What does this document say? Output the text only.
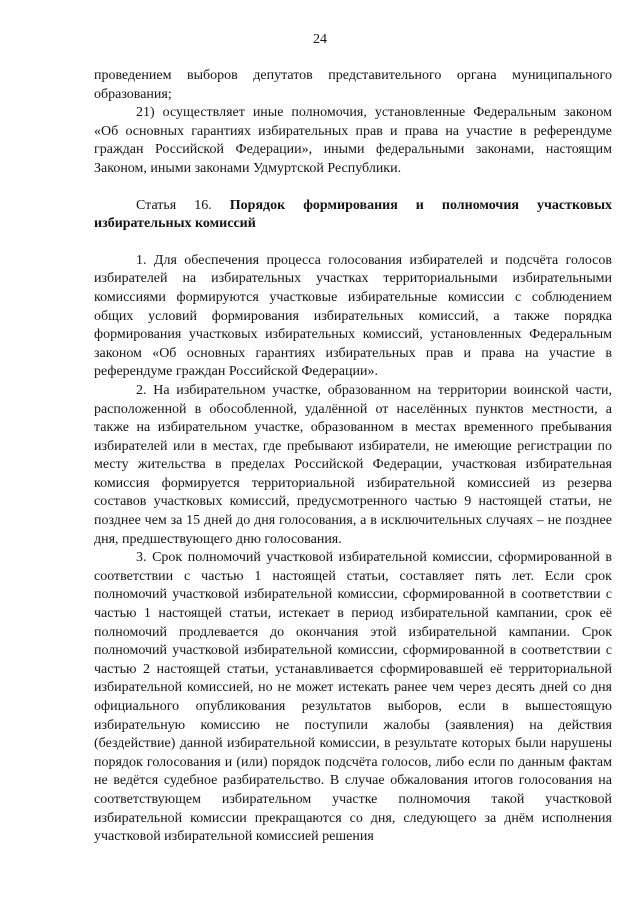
24

проведением выборов депутатов представительного органа муниципального образования;

21) осуществляет иные полномочия, установленные Федеральным законом «Об основных гарантиях избирательных прав и права на участие в референдуме граждан Российской Федерации», иными федеральными законами, настоящим Законом, иными законами Удмуртской Республики.

Статья 16. Порядок формирования и полномочия участковых избирательных комиссий

1. Для обеспечения процесса голосования избирателей и подсчёта голосов избирателей на избирательных участках территориальными избирательными комиссиями формируются участковые избирательные комиссии с соблюдением общих условий формирования избирательных комиссий, а также порядка формирования участковых избирательных комиссий, установленных Федеральным законом «Об основных гарантиях избирательных прав и права на участие в референдуме граждан Российской Федерации».

2. На избирательном участке, образованном на территории воинской части, расположенной в обособленной, удалённой от населённых пунктов местности, а также на избирательном участке, образованном в местах временного пребывания избирателей или в местах, где пребывают избиратели, не имеющие регистрации по месту жительства в пределах Российской Федерации, участковая избирательная комиссия формируется территориальной избирательной комиссией из резерва составов участковых комиссий, предусмотренного частью 9 настоящей статьи, не позднее чем за 15 дней до дня голосования, а в исключительных случаях – не позднее дня, предшествующего дню голосования.

3. Срок полномочий участковой избирательной комиссии, сформированной в соответствии с частью 1 настоящей статьи, составляет пять лет. Если срок полномочий участковой избирательной комиссии, сформированной в соответствии с частью 1 настоящей статьи, истекает в период избирательной кампании, срок её полномочий продлевается до окончания этой избирательной кампании. Срок полномочий участковой избирательной комиссии, сформированной в соответствии с частью 2 настоящей статьи, устанавливается сформировавшей её территориальной избирательной комиссией, но не может истекать ранее чем через десять дней со дня официального опубликования результатов выборов, если в вышестоящую избирательную комиссию не поступили жалобы (заявления) на действия (бездействие) данной избирательной комиссии, в результате которых были нарушены порядок голосования и (или) порядок подсчёта голосов, либо если по данным фактам не ведётся судебное разбирательство. В случае обжалования итогов голосования на соответствующем избирательном участке полномочия такой участковой избирательной комиссии прекращаются со дня, следующего за днём исполнения участковой избирательной комиссией решения
